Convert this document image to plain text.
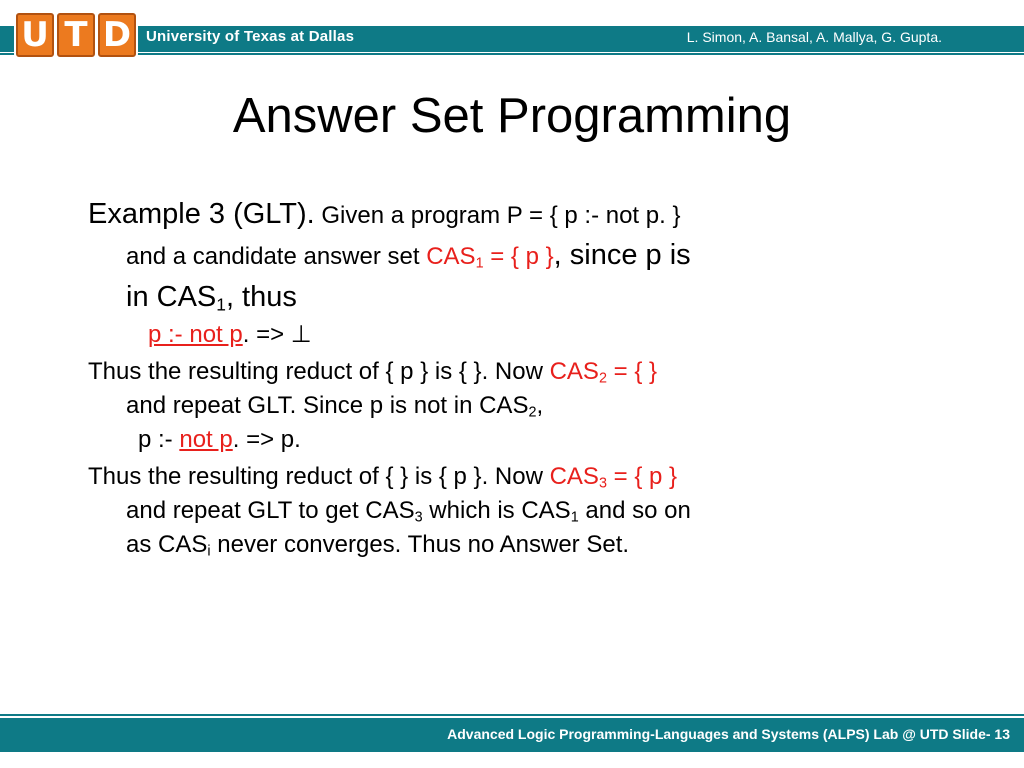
U T D University of Texas at Dallas	L. Simon, A. Bansal, A. Mallya, G. Gupta.
Answer Set Programming

Example 3 (GLT). Given a program P = { p :- not p. }
and a candidate answer set $CAS_1$ = { p }, since p is
in $CAS_1$, thus

p :- not p. => ⊥

Thus the resulting reduct of { p } is { }. Now $CAS_2$ = { }
and repeat GLT. Since p is not in $CAS_2$,

p :- not p. => p.

Thus the resulting reduct of { } is { p }. Now $CAS_3$ = { p }
and repeat GLT to get $CAS_3$ which is $CAS_1$ and so on
as $CAS_i$ never converges. Thus no Answer Set.

Advanced Logic Programming-Languages and Systems (ALPS) Lab @ UTD Slide- 13
